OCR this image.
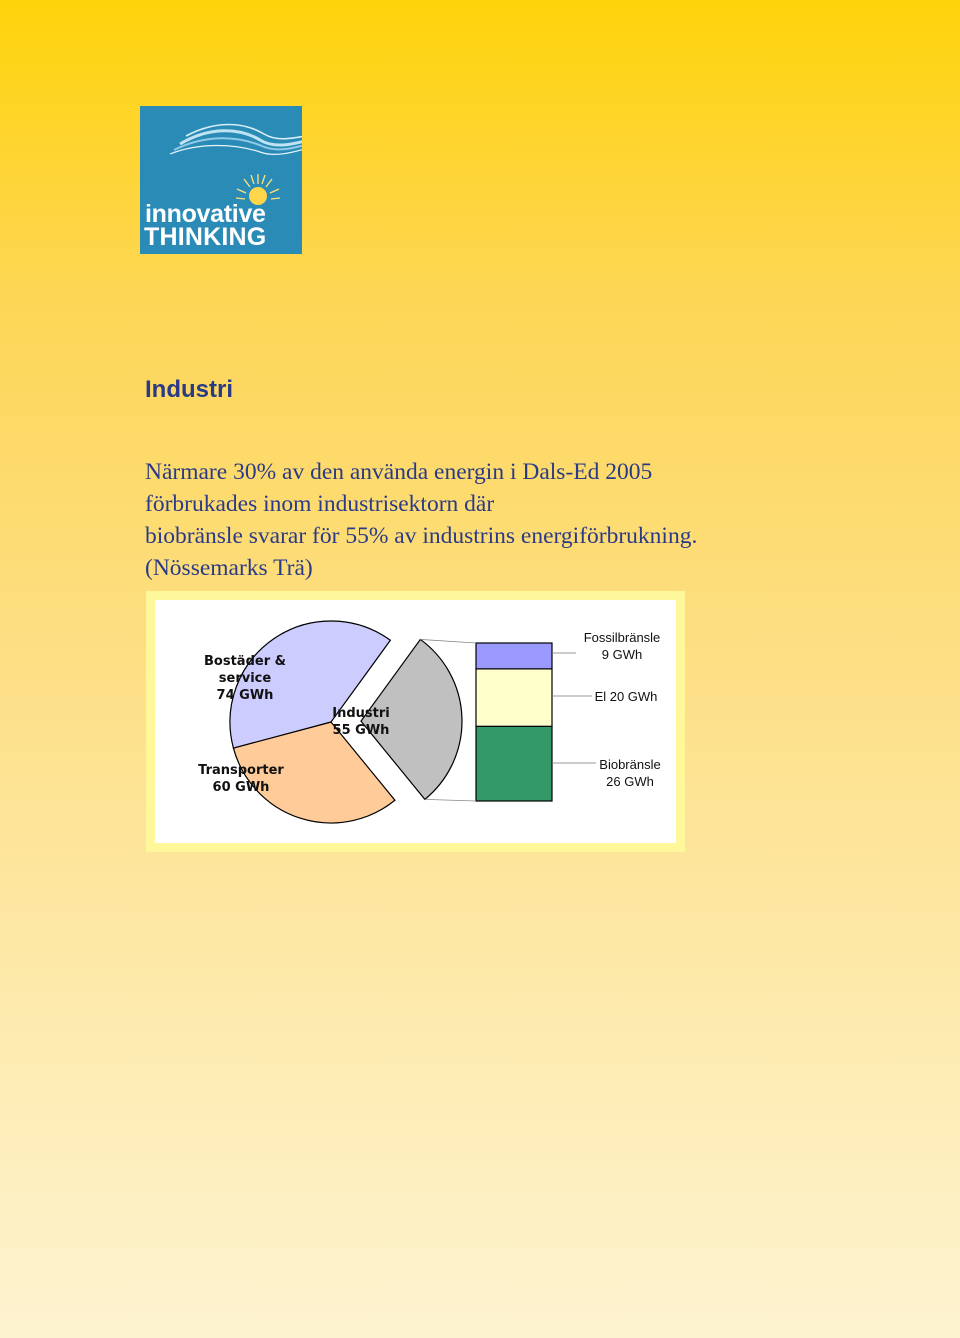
innovative
THINKING
Industri
Närmare 30% av den använda energin i Dals-Ed 2005
förbrukades inom industrisektorn där
biobränsle svarar för 55% av industrins energiförbrukning.
(Nössemarks Trä)
Bostäder &
service
74 GWh
Industri
55 GWh
Transporter
60 GWh
Fossilbränsle
9 GWh
El 20 GWh
Biobränsle
26 GWh
